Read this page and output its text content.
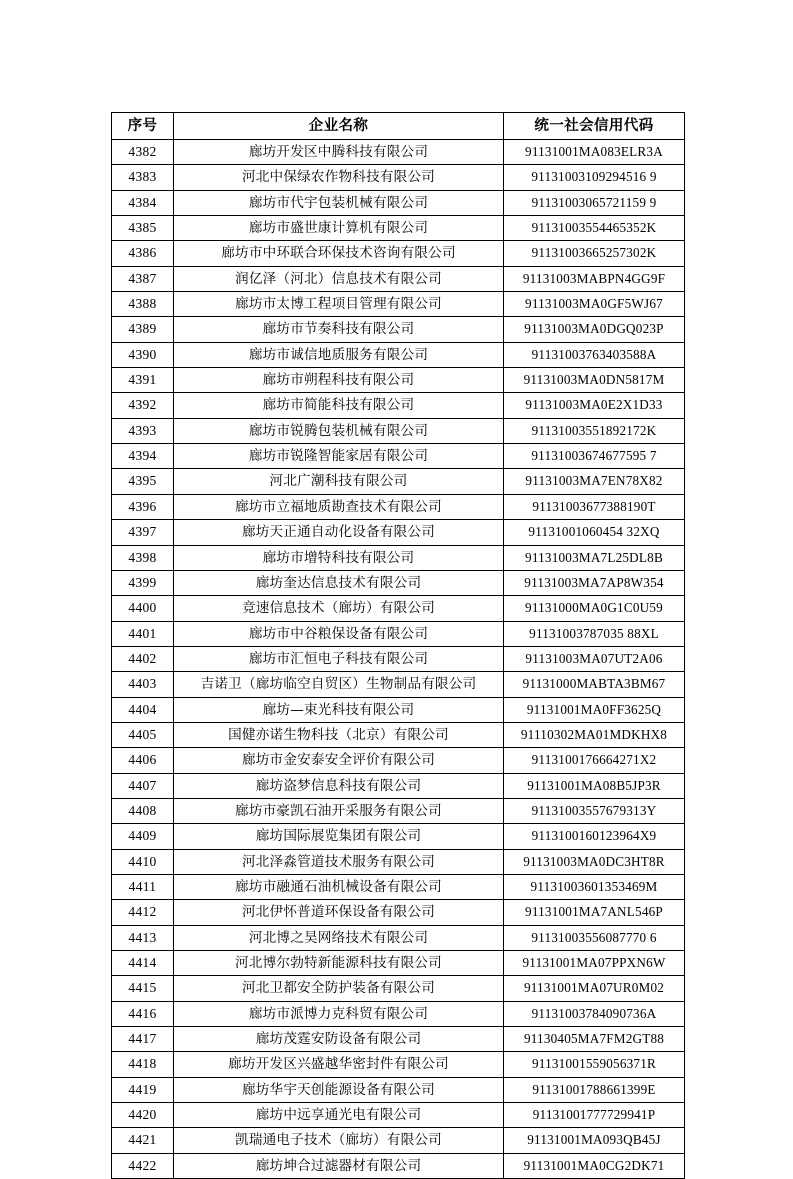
序号	企业名称	统一社会信用代码
4382	廊坊开发区中腾科技有限公司	91131001MA083ELR3A
4383	河北中保绿农作物科技有限公司	91131003109294516 9
4384	廊坊市代宇包装机械有限公司	91131003065721159 9
4385	廊坊市盛世康计算机有限公司	91131003554465352K
4386	廊坊市中环联合环保技术咨询有限公司	91131003665257302K
4387	润亿泽（河北）信息技术有限公司	91131003MABPN4GG9F
4388	廊坊市太博工程项目管理有限公司	91131003MA0GF5WJ67
4389	廊坊市节奏科技有限公司	91131003MA0DGQ023P
4390	廊坊市诚信地质服务有限公司	91131003763403588A
4391	廊坊市朔程科技有限公司	91131003MA0DN5817M
4392	廊坊市简能科技有限公司	91131003MA0E2X1D33
4393	廊坊市锐腾包装机械有限公司	91131003551892172K
4394	廊坊市锐隆智能家居有限公司	91131003674677595 7
4395	河北广潮科技有限公司	91131003MA7EN78X82
4396	廊坊市立福地质勘查技术有限公司	91131003677388190T
4397	廊坊天正通自动化设备有限公司	91131001060454 32XQ
4398	廊坊市增特科技有限公司	91131003MA7L25DL8B
4399	廊坊奎达信息技术有限公司	91131003MA7AP8W354
4400	竞速信息技术（廊坊）有限公司	91131000MA0G1C0U59
4401	廊坊市中谷粮保设备有限公司	91131003787035 88XL
4402	廊坊市汇恒电子科技有限公司	91131003MA07UT2A06
4403	吉诺卫（廊坊临空自贸区）生物制品有限公司	91131000MABTA3BM67
4404	廊坊—束光科技有限公司	91131001MA0FF3625Q
4405	国健亦诺生物科技（北京）有限公司	91110302MA01MDKHX8
4406	廊坊市金安泰安全评价有限公司	9113100176664271X2
4407	廊坊盗梦信息科技有限公司	91131001MA08B5JP3R
4408	廊坊市豪凯石油开采服务有限公司	91131003557679313Y
4409	廊坊国际展览集团有限公司	9113100160123964X9
4410	河北泽淼管道技术服务有限公司	91131003MA0DC3HT8R
4411	廊坊市融通石油机械设备有限公司	91131003601353469M
4412	河北伊怀普道环保设备有限公司	91131001MA7ANL546P
4413	河北博之昊网络技术有限公司	91131003556087770 6
4414	河北博尔勃特新能源科技有限公司	91131001MA07PPXN6W
4415	河北卫都安全防护装备有限公司	91131001MA07UR0M02
4416	廊坊市派博力克科贸有限公司	91131003784090736A
4417	廊坊茂霆安防设备有限公司	91130405MA7FM2GT88
4418	廊坊开发区兴盛越华密封件有限公司	91131001559056371R
4419	廊坊华宇天创能源设备有限公司	91131001788661399E
4420	廊坊中远享通光电有限公司	91131001777729941P
4421	凯瑞通电子技术（廊坊）有限公司	91131001MA093QB45J
4422	廊坊坤合过滤器材有限公司	91131001MA0CG2DK71
